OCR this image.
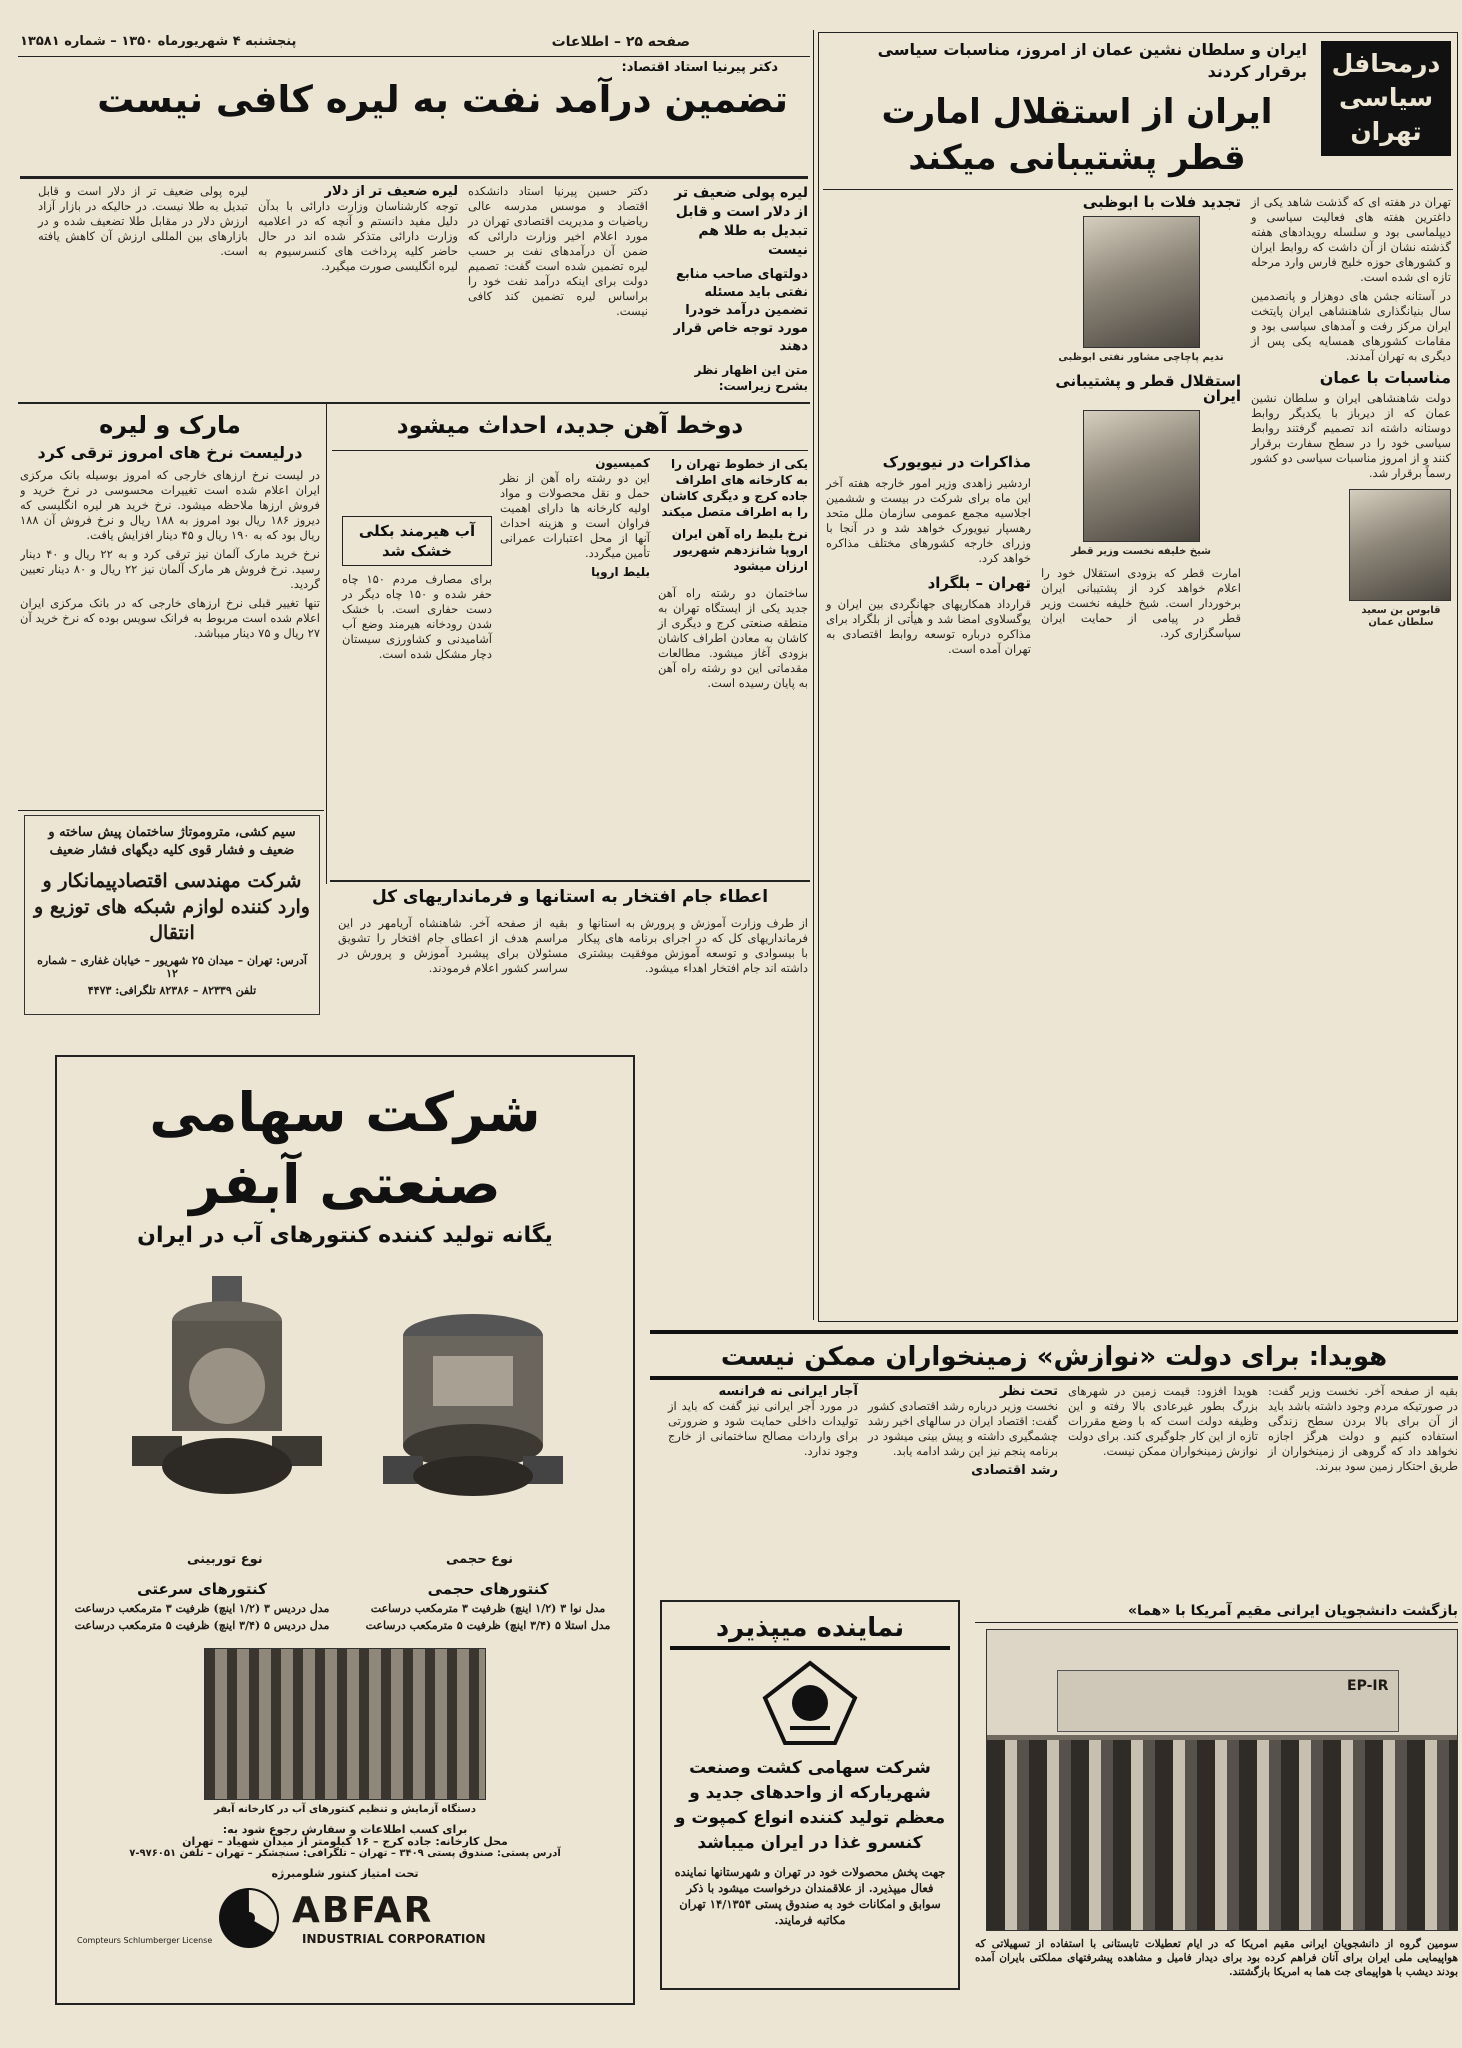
پنجشنبه ۴ شهریورماه ۱۳۵۰ – شماره ۱۳۵۸۱	صفحه ۲۵ – اطلاعات
دکتر پیرنیا استاد اقتصاد:
تضمین درآمد نفت به لیره کافی نیست
لیره پولی ضعیف تر از دلار است و قابل تبدیل به طلا هم نیست
دولتهای صاحب منابع نفتی باید مسئله تضمین درآمد خودرا مورد توجه خاص قرار دهند
متن این اظهار نظر بشرح زیراست:

دکتر حسین پیرنیا استاد دانشکده اقتصاد و موسس مدرسه عالی ریاضیات و مدیریت اقتصادی تهران در مورد اعلام اخیر وزارت دارائی که ضمن آن درآمدهای نفت بر حسب لیره تضمین شده است گفت: تصمیم دولت برای اینکه درآمد نفت خود را براساس لیره تضمین کند کافی نیست.

لیره ضعیف تر از دلار

توجه کارشناسان وزارت دارائی با بدآن دلیل مفید دانستم و آنچه که در اعلامیه وزارت دارائی متذکر شده اند در حال حاضر کلیه پرداخت های کنسرسیوم به لیره انگلیسی صورت میگیرد.

لیره پولی ضعیف تر از دلار است و قابل تبدیل به طلا نیست. در حالیکه در بازار آزاد ارزش دلار در مقابل طلا تضعیف شده و در بازارهای بین المللی ارزش آن کاهش یافته است.

مارک و لیره
درلیست نرخ های امروز ترقی کرد

در لیست نرخ ارزهای خارجی که امروز بوسیله بانک مرکزی ایران اعلام شده است تغییرات محسوسی در نرخ خرید و فروش ارزها ملاحظه میشود. نرخ خرید هر لیره انگلیسی که دیروز ۱۸۶ ریال بود امروز به ۱۸۸ ریال و نرخ فروش آن ۱۸۸ ریال بود که به ۱۹۰ ریال و ۴۵ دینار افزایش یافت.

نرخ خرید مارک آلمان نیز ترقی کرد و به ۲۲ ریال و ۴۰ دینار رسید. نرخ فروش هر مارک آلمان نیز ۲۲ ریال و ۸۰ دینار تعیین گردید.

تنها تغییر قبلی نرخ ارزهای خارجی که در بانک مرکزی ایران اعلام شده است مربوط به فرانک سویس بوده که نرخ خرید آن ۲۷ ریال و ۷۵ دینار میباشد.

دوخط آهن جدید، احداث میشود
یکی از خطوط تهران را به کارخانه های اطراف جاده کرج و دیگری کاشان را به اطراف متصل میکند
نرخ بلیط راه آهن ایران اروپا شانزدهم شهریور ارزان میشود

ساختمان دو رشته راه آهن جدید یکی از ایستگاه تهران به منطقه صنعتی کرج و دیگری از کاشان به معادن اطراف کاشان بزودی آغاز میشود. مطالعات مقدماتی این دو رشته راه آهن به پایان رسیده است.

کمیسیون

این دو رشته راه آهن از نظر حمل و نقل محصولات و مواد اولیه کارخانه ها دارای اهمیت فراوان است و هزینه احداث آنها از محل اعتبارات عمرانی تأمین میگردد.

بلیط اروپا
آب هیرمند بکلی خشک شد

برای مصارف مردم ۱۵۰ چاه حفر شده و ۱۵۰ چاه دیگر در دست حفاری است. با خشک شدن رودخانه هیرمند وضع آب آشامیدنی و کشاورزی سیستان دچار مشکل شده است.

سیم کشی، متروموتاژ ساختمان پیش ساخته و ضعیف و فشار قوی کلیه دیگهای فشار ضعیف
شرکت مهندسی اقتصادپیمانکار و وارد کننده لوازم شبکه های توزیع و انتقال
آدرس: تهران – میدان ۲۵ شهریور – خیابان غفاری – شماره ۱۲
تلفن ۸۲۳۳۹ – ۸۲۳۸۶ تلگرافی: ۴۴۷۳
اعطاء جام افتخار به استانها و فرمانداریهای کل

از طرف وزارت آموزش و پرورش به استانها و فرمانداریهای کل که در اجرای برنامه های پیکار با بیسوادی و توسعه آموزش موفقیت بیشتری داشته اند جام افتخار اهداء میشود.

بقیه از صفحه آخر. شاهنشاه آریامهر در این مراسم هدف از اعطای جام افتخار را تشویق مسئولان برای پیشبرد آموزش و پرورش در سراسر کشور اعلام فرمودند.

شرکت سهامی صنعتی آبفر
یگانه تولید کننده کنتورهای آب در ایران
نوع حجمی
نوع توربینی
کنتورهای حجمی
مدل نوا ۳ (۱/۲ اینچ) ظرفیت ۳ مترمکعب درساعت
مدل استلا ۵ (۳/۴ اینچ) ظرفیت ۵ مترمکعب درساعت
کنتورهای سرعتی
مدل دردیس ۳ (۱/۲ اینچ) ظرفیت ۳ مترمکعب درساعت
مدل دردیس ۵ (۳/۴ اینچ) ظرفیت ۵ مترمکعب درساعت
دستگاه آزمایش و تنظیم کنتورهای آب در کارخانه آبفر
برای کسب اطلاعات و سفارش رجوع شود به:
محل کارخانه: جاده کرج – ۱۶ کیلومتر از میدان شهیاد – تهران
آدرس پستی: صندوق پستی ۳۴۰۹ – تهران – تلگرافی: سنجشکر – تهران – تلفن ۹۷۶۰۵۱-۷
تحت امتیاز کنتور شلومبرژه
ABFAR
INDUSTRIAL CORPORATION
Compteurs Schlumberger License
درمحافل سیاسی تهران
ایران و سلطان نشین عمان از امروز، مناسبات سیاسی برقرار کردند
ایران از استقلال امارت قطر پشتیبانی میکند

تهران در هفته ای که گذشت شاهد یکی از داغترین هفته های فعالیت سیاسی و دیپلماسی بود و سلسله رویدادهای هفته گذشته نشان از آن داشت که روابط ایران و کشورهای حوزه خلیج فارس وارد مرحله تازه ای شده است.

در آستانه جشن های دوهزار و پانصدمین سال بنیانگذاری شاهنشاهی ایران پایتخت ایران مرکز رفت و آمدهای سیاسی بود و مقامات کشورهای همسایه یکی پس از دیگری به تهران آمدند.

مناسبات با عمان

دولت شاهنشاهی ایران و سلطان نشین عمان که از دیرباز با یکدیگر روابط دوستانه داشته اند تصمیم گرفتند روابط سیاسی خود را در سطح سفارت برقرار کنند و از امروز مناسبات سیاسی دو کشور رسماً برقرار شد.

قابوس بن سعید سلطان عمان
تجدید فلات با ابوظبی
ندیم پاچاچی مشاور نفتی ابوظبی
استقلال قطر و پشتیبانی ایران
شیخ خلیفه نخست وزیر قطر

امارت قطر که بزودی استقلال خود را اعلام خواهد کرد از پشتیبانی ایران برخوردار است. شیخ خلیفه نخست وزیر قطر در پیامی از حمایت ایران سپاسگزاری کرد.

مذاکرات در نیویورک

اردشیر زاهدی وزیر امور خارجه هفته آخر این ماه برای شرکت در بیست و ششمین اجلاسیه مجمع عمومی سازمان ملل متحد رهسپار نیویورک خواهد شد و در آنجا با وزرای خارجه کشورهای مختلف مذاکره خواهد کرد.

تهران – بلگراد

قرارداد همکاریهای جهانگردی بین ایران و یوگسلاوی امضا شد و هیأتی از بلگراد برای مذاکره درباره توسعه روابط اقتصادی به تهران آمده است.

هویدا: برای دولت «نوازش» زمینخواران ممکن نیست

بقیه از صفحه آخر. نخست وزیر گفت: در صورتیکه مردم وجود داشته باشد باید از آن برای بالا بردن سطح زندگی استفاده کنیم و دولت هرگز اجازه نخواهد داد که گروهی از زمینخواران از طریق احتکار زمین سود ببرند.

هویدا افزود: قیمت زمین در شهرهای بزرگ بطور غیرعادی بالا رفته و این وظیفه دولت است که با وضع مقررات تازه از این کار جلوگیری کند. برای دولت نوازش زمینخواران ممکن نیست.

تحت نظر

نخست وزیر درباره رشد اقتصادی کشور گفت: اقتصاد ایران در سالهای اخیر رشد چشمگیری داشته و پیش بینی میشود در برنامه پنجم نیز این رشد ادامه یابد.

رشد اقتصادی
آجار ایرانی نه فرانسه

در مورد آجر ایرانی نیز گفت که باید از تولیدات داخلی حمایت شود و ضرورتی برای واردات مصالح ساختمانی از خارج وجود ندارد.

نماینده میپذیرد
شرکت سهامی کشت وصنعت شهریارکه از واحدهای جدید و معظم تولید کننده انواع کمپوت و کنسرو غذا در ایران میباشد
جهت پخش محصولات خود در تهران و شهرستانها نماینده فعال میپذیرد. از علاقمندان درخواست میشود با ذکر سوابق و امکانات خود به صندوق پستی ۱۴/۱۳۵۴ تهران مکاتبه فرمایند.
بازگشت دانشجویان ایرانی مقیم آمریکا با «هما»
EP-IR
سومین گروه از دانشجویان ایرانی مقیم امریکا که در ایام تعطیلات تابستانی با استفاده از تسهیلاتی که هواپیمایی ملی ایران برای آنان فراهم کرده بود برای دیدار فامیل و مشاهده پیشرفتهای مملکتی بایران آمده بودند دیشب با هواپیمای جت هما به امریکا بازگشتند.
